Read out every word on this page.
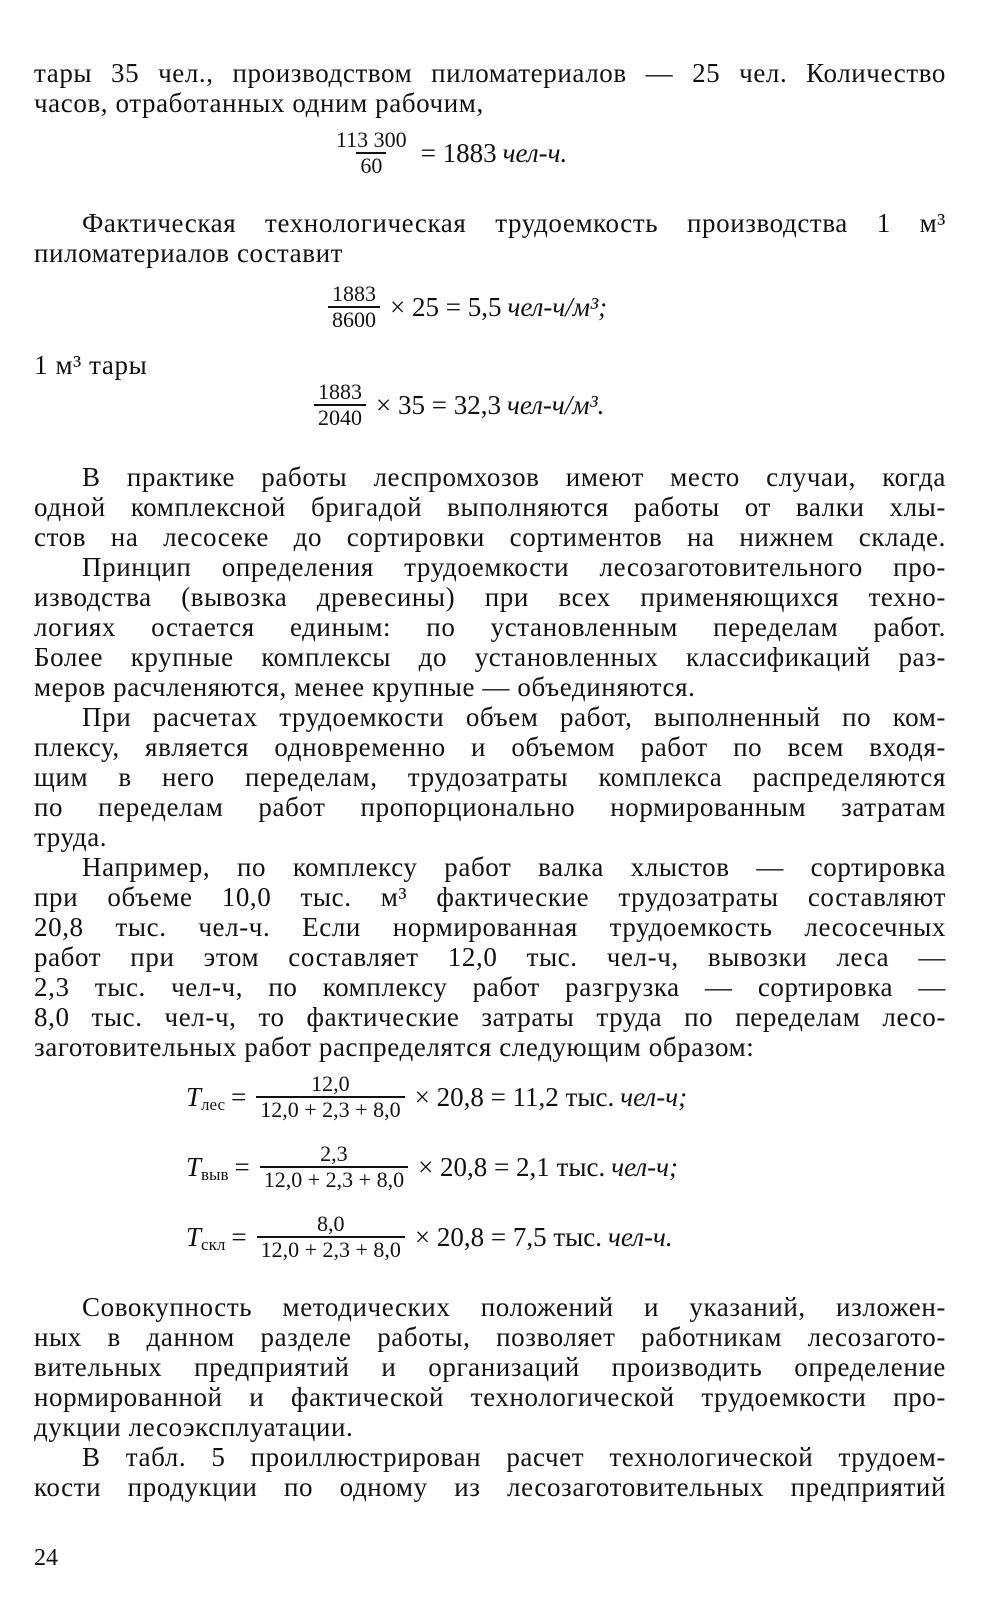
тары 35 чел., производством пиломатериалов — 25 чел. Количество
часов, отработанных одним рабочим,
$\frac{113 300}{60} = 1883$ чел-ч.
Фактическая технологическая трудоемкость производства 1 м³
пиломатериалов составит
$\frac{1883}{8600} \times 25 = 5,5$ чел-ч/м³;
1 м³ тары
$\frac{1883}{2040} \times 35 = 32,3$ чел-ч/м³.
В практике работы леспромхозов имеют место случаи, когда
одной комплексной бригадой выполняются работы от валки хлы-
стов на лесосеке до сортировки сортиментов на нижнем складе.
Принцип определения трудоемкости лесозаготовительного про-
изводства (вывозка древесины) при всех применяющихся техно-
логиях остается единым: по установленным переделам работ.
Более крупные комплексы до установленных классификаций раз-
меров расчленяются, менее крупные — объединяются.
При расчетах трудоемкости объем работ, выполненный по ком-
плексу, является одновременно и объемом работ по всем входя-
щим в него переделам, трудозатраты комплекса распределяются
по переделам работ пропорционально нормированным затратам
труда.
Например, по комплексу работ валка хлыстов — сортировка
при объеме 10,0 тыс. м³ фактические трудозатраты составляют
20,8 тыс. чел-ч. Если нормированная трудоемкость лесосечных
работ при этом составляет 12,0 тыс. чел-ч, вывозки леса —
2,3 тыс. чел-ч, по комплексу работ разгрузка — сортировка —
8,0 тыс. чел-ч, то фактические затраты труда по переделам лесо-
заготовительных работ распределятся следующим образом:
T лес = $\frac{12,0}{12,0 + 2,3 + 8,0} \times 20,8 = 11,2$ тыс. чел-ч;
T выв = $\frac{2,3}{12,0 + 2,3 + 8,0} \times 20,8 = 2,1$ тыс. чел-ч;
T скл = $\frac{8,0}{12,0 + 2,3 + 8,0} \times 20,8 = 7,5$ тыс. чел-ч.
Совокупность методических положений и указаний, изложен-
ных в данном разделе работы, позволяет работникам лесозагото-
вительных предприятий и организаций производить определение
нормированной и фактической технологической трудоемкости про-
дукции лесоэксплуатации.
В табл. 5 проиллюстрирован расчет технологической трудоем-
кости продукции по одному из лесозаготовительных предприятий
24
